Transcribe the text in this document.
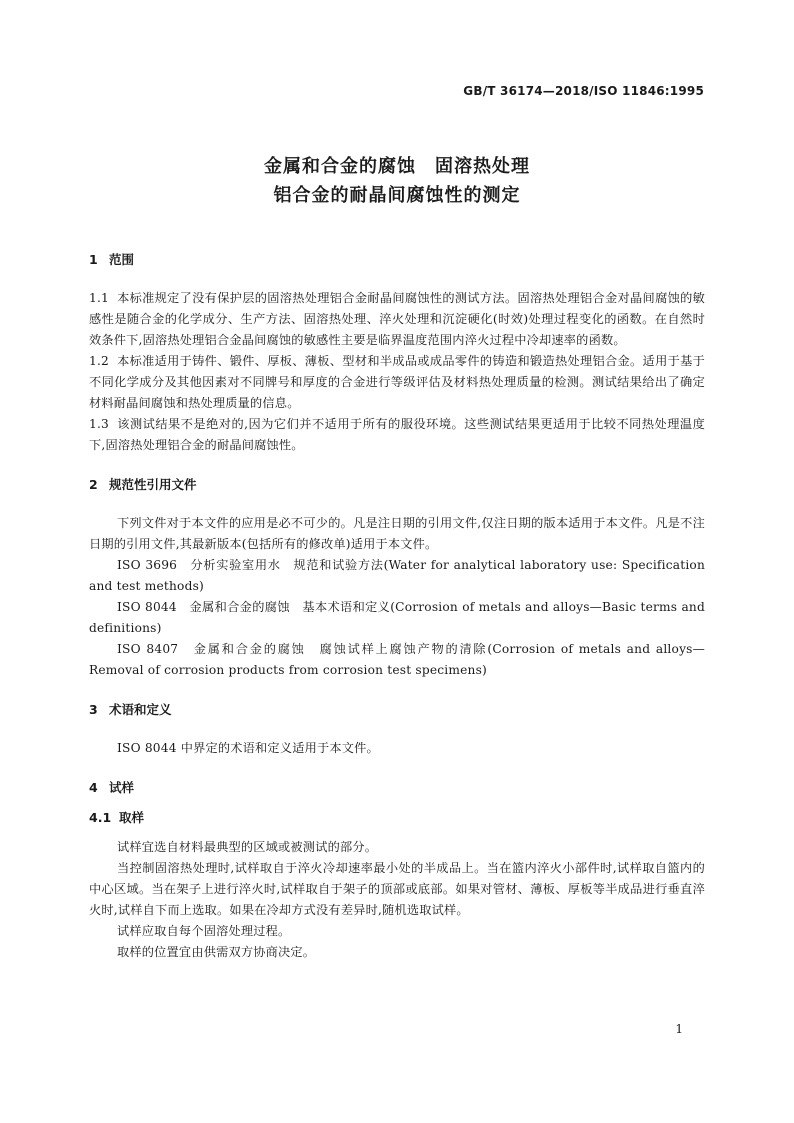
GB/T 36174—2018/ISO 11846:1995

金属和合金的腐蚀　固溶热处理

铝合金的耐晶间腐蚀性的测定

1 范围

1.1 本标准规定了没有保护层的固溶热处理铝合金耐晶间腐蚀性的测试方法。固溶热处理铝合金对晶间腐蚀的敏感性是随合金的化学成分、生产方法、固溶热处理、淬火处理和沉淀硬化(时效)处理过程变化的函数。在自然时效条件下,固溶热处理铝合金晶间腐蚀的敏感性主要是临界温度范围内淬火过程中冷却速率的函数。

1.2 本标准适用于铸件、锻件、厚板、薄板、型材和半成品或成品零件的铸造和锻造热处理铝合金。适用于基于不同化学成分及其他因素对不同牌号和厚度的合金进行等级评估及材料热处理质量的检测。测试结果给出了确定材料耐晶间腐蚀和热处理质量的信息。

1.3 该测试结果不是绝对的,因为它们并不适用于所有的服役环境。这些测试结果更适用于比较不同热处理温度下,固溶热处理铝合金的耐晶间腐蚀性。

2 规范性引用文件

下列文件对于本文件的应用是必不可少的。凡是注日期的引用文件,仅注日期的版本适用于本文件。凡是不注日期的引用文件,其最新版本(包括所有的修改单)适用于本文件。

ISO 3696　分析实验室用水　规范和试验方法(Water for analytical laboratory use: Specification and test methods)

ISO 8044　金属和合金的腐蚀　基本术语和定义(Corrosion of metals and alloys—Basic terms and definitions)

ISO 8407　金属和合金的腐蚀　腐蚀试样上腐蚀产物的清除(Corrosion of metals and alloys—Removal of corrosion products from corrosion test specimens)

3 术语和定义

ISO 8044 中界定的术语和定义适用于本文件。

4 试样

4.1 取样

试样宜选自材料最典型的区域或被测试的部分。

当控制固溶热处理时,试样取自于淬火冷却速率最小处的半成品上。当在篮内淬火小部件时,试样取自篮内的中心区域。当在架子上进行淬火时,试样取自于架子的顶部或底部。如果对管材、薄板、厚板等半成品进行垂直淬火时,试样自下而上选取。如果在冷却方式没有差异时,随机选取试样。

试样应取自每个固溶处理过程。

取样的位置宜由供需双方协商决定。

1
